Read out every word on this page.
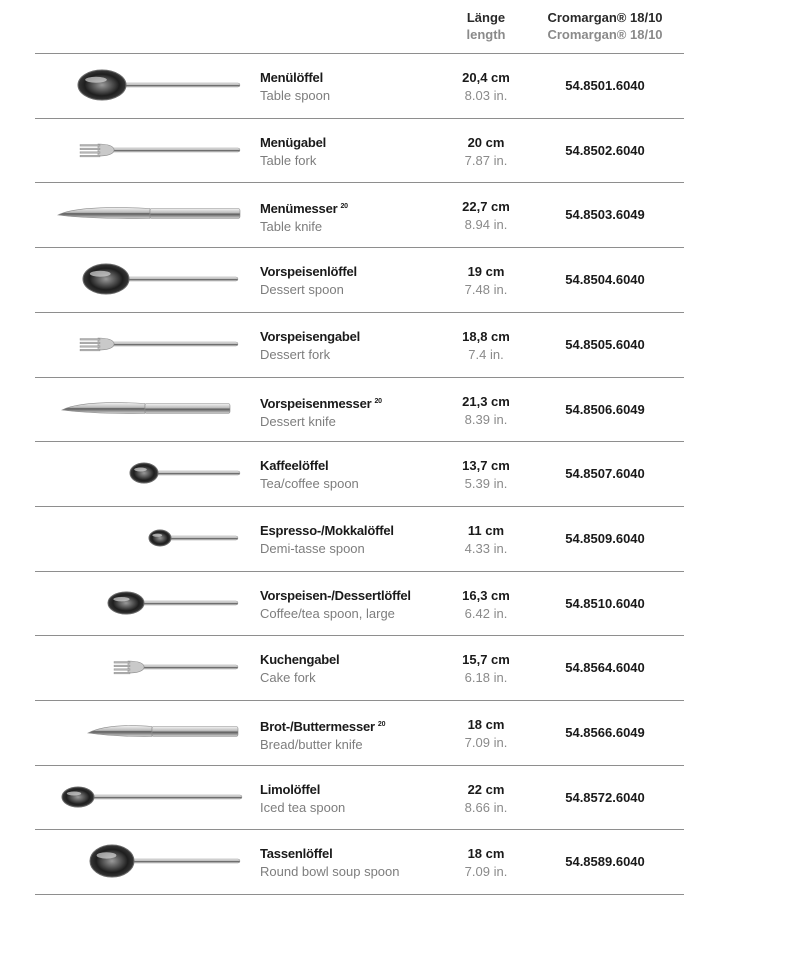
Länge
length
Cromargan® 18/10
Cromargan® 18/10
Menülöffel
Table spoon
20,4 cm
8.03 in.
54.8501.6040
Menügabel
Table fork
20 cm
7.87 in.
54.8502.6040
Menümesser $^{20}$
Table knife
22,7 cm
8.94 in.
54.8503.6049
Vorspeisenlöffel
Dessert spoon
19 cm
7.48 in.
54.8504.6040
Vorspeisengabel
Dessert fork
18,8 cm
7.4 in.
54.8505.6040
Vorspeisenmesser $^{20}$
Dessert knife
21,3 cm
8.39 in.
54.8506.6049
Kaffeelöffel
Tea/coffee spoon
13,7 cm
5.39 in.
54.8507.6040
Espresso-/Mokkalöffel
Demi-tasse spoon
11 cm
4.33 in.
54.8509.6040
Vorspeisen-/Dessertlöffel
Coffee/tea spoon, large
16,3 cm
6.42 in.
54.8510.6040
Kuchengabel
Cake fork
15,7 cm
6.18 in.
54.8564.6040
Brot-/Buttermesser $^{20}$
Bread/butter knife
18 cm
7.09 in.
54.8566.6049
Limolöffel
Iced tea spoon
22 cm
8.66 in.
54.8572.6040
Tassenlöffel
Round bowl soup spoon
18 cm
7.09 in.
54.8589.6040
